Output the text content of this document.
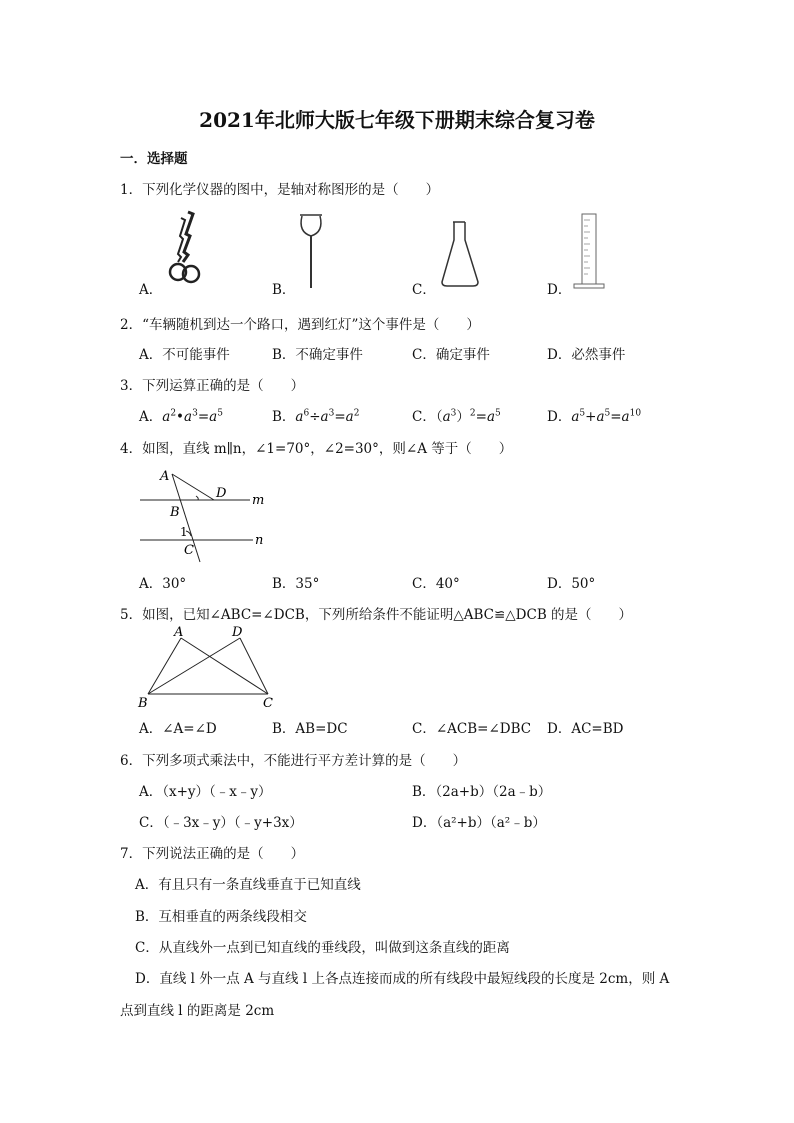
2021年北师大版七年级下册期末综合复习卷
一．选择题
1．下列化学仪器的图中，是轴对称图形的是（　　）
A．	B．	C．	D．
2．“车辆随机到达一个路口，遇到红灯”这个事件是（　　）
A．不可能事件	B．不确定事件	C．确定事件	D．必然事件
3．下列运算正确的是（　　）
A．$a^2•a^3=a^5$	B．$a^6\div a^3=a^2$	C．$(a^3)^2=a^5$	D．$a^5+a^5=a^{10}$
4．如图，直线 m∥n，∠1=70°，∠2=30°，则∠A 等于（　　）
A
D m
B
1
C
n
A．30°	B．35°	C．40°	D．50°
5．如图，已知∠ABC=∠DCB，下列所给条件不能证明△ABC≌△DCB 的是（　　）
A	D
B	C
A．∠A=∠D	B．AB=DC	C．∠ACB=∠DBC D．AC=BD
6．下列多项式乘法中，不能进行平方差计算的是（　　）
A．（x+y）（﹣x﹣y）	B．（2a+b）（2a﹣b）
C．（﹣3x﹣y）（﹣y+3x）	D．（a²+b）（a²﹣b）
7．下列说法正确的是（　　）
A．有且只有一条直线垂直于已知直线
B．互相垂直的两条线段相交
C．从直线外一点到已知直线的垂线段，叫做到这条直线的距离
D．直线 l 外一点 A 与直线 l 上各点连接而成的所有线段中最短线段的长度是 2cm，则 A
点到直线 l 的距离是 2cm
